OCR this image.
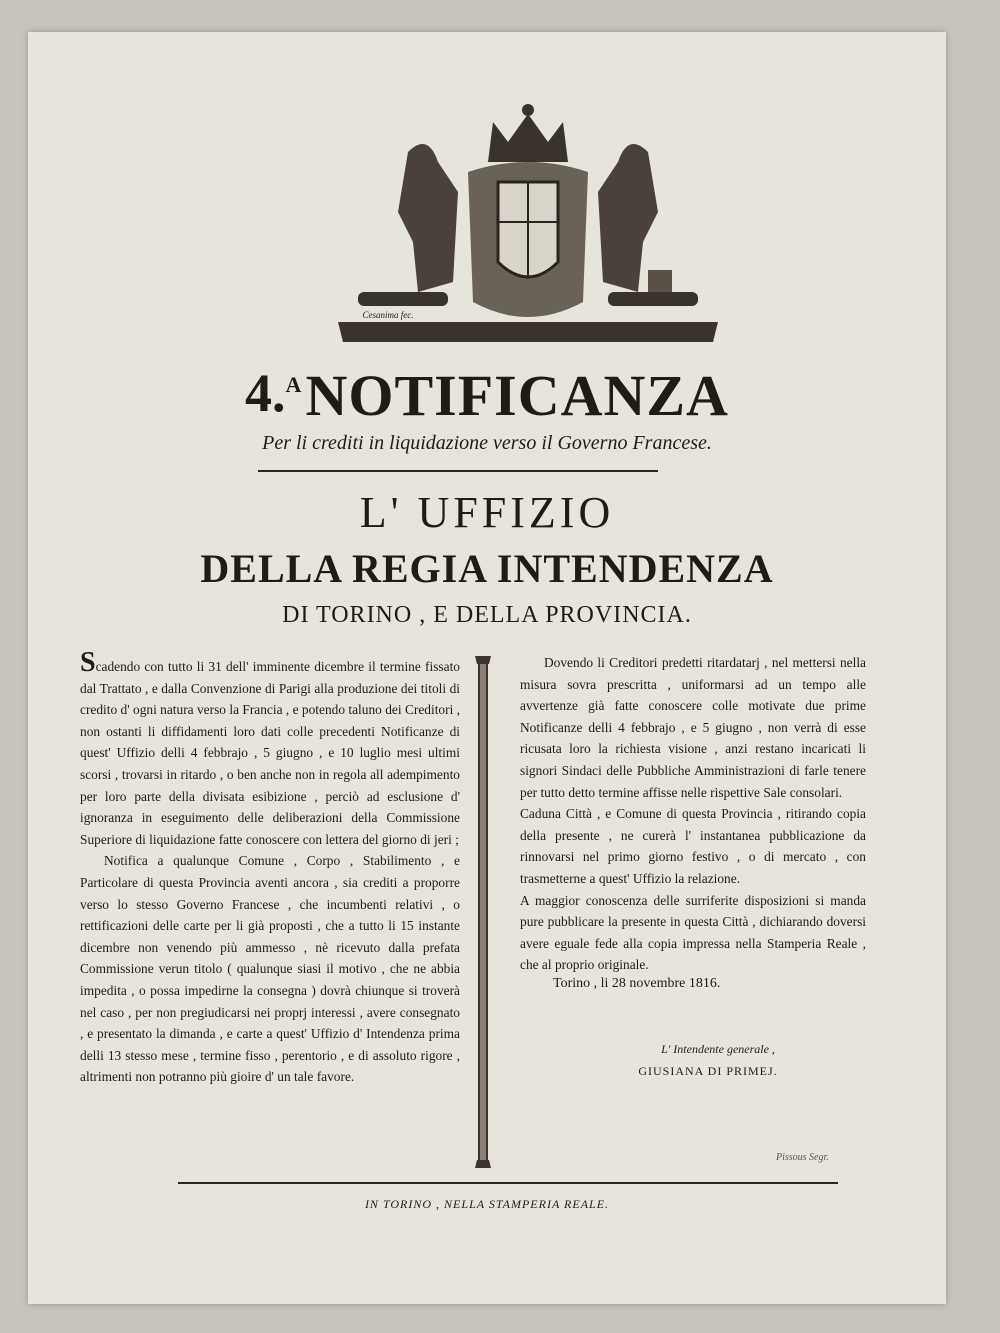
Cesanima fec.
4.$^A$ NOTIFICANZA
Per li crediti in liquidazione verso il Governo Francese.
L' UFFIZIO
DELLA REGIA INTENDENZA
DI TORINO , E DELLA PROVINCIA.

Scadendo con tutto li 31 dell' imminente dicembre il termine fissato dal Trattato , e dalla Convenzione di Parigi alla produzione dei titoli di credito d' ogni natura verso la Francia , e potendo taluno dei Creditori , non ostanti li diffidamenti loro dati colle precedenti Notificanze di quest' Uffizio delli 4 febbrajo , 5 giugno , e 10 luglio mesi ultimi scorsi , trovarsi in ritardo , o ben anche non in regola all adempimento per loro parte della divisata esibizione , perciò ad esclusione d' ignoranza in eseguimento delle deliberazioni della Commissione Superiore di liquidazione fatte conoscere con lettera del giorno di jeri ;

Notifica a qualunque Comune , Corpo , Stabilimento , e Particolare di questa Provincia aventi ancora , sia crediti a proporre verso lo stesso Governo Francese , che incumbenti relativi , o rettificazioni delle carte per li già proposti , che a tutto li 15 instante dicembre non venendo più ammesso , nè ricevuto dalla prefata Commissione verun titolo ( qualunque siasi il motivo , che ne abbia impedita , o possa impedirne la consegna ) dovrà chiunque si troverà nel caso , per non pregiudicarsi nei proprj interessi , avere consegnato , e presentato la dimanda , e carte a quest' Uffizio d' Intendenza prima delli 13 stesso mese , termine fisso , perentorio , e di assoluto rigore , altrimenti non potranno più gioire d' un tale favore.

Dovendo li Creditori predetti ritardatarj , nel mettersi nella misura sovra prescritta , uniformarsi ad un tempo alle avvertenze già fatte conoscere colle motivate due prime Notificanze delli 4 febbrajo , e 5 giugno , non verrà di esse ricusata loro la richiesta visione , anzi restano incaricati li signori Sindaci delle Pubbliche Amministrazioni di farle tenere per tutto detto termine affisse nelle rispettive Sale consolari.

Caduna Città , e Comune di questa Provincia , ritirando copia della presente , ne curerà l' instantanea pubblicazione da rinnovarsi nel primo giorno festivo , o di mercato , con trasmetterne a quest' Uffizio la relazione.

A maggior conoscenza delle surriferite disposizioni si manda pure pubblicare la presente in questa Città , dichiarando doversi avere eguale fede alla copia impressa nella Stamperia Reale , che al proprio originale.

Torino , li 28 novembre 1816.
L' Intendente generale ,
GIUSIANA DI PRIMEJ.
Pissous Segr.
IN TORINO , NELLA STAMPERIA REALE.
